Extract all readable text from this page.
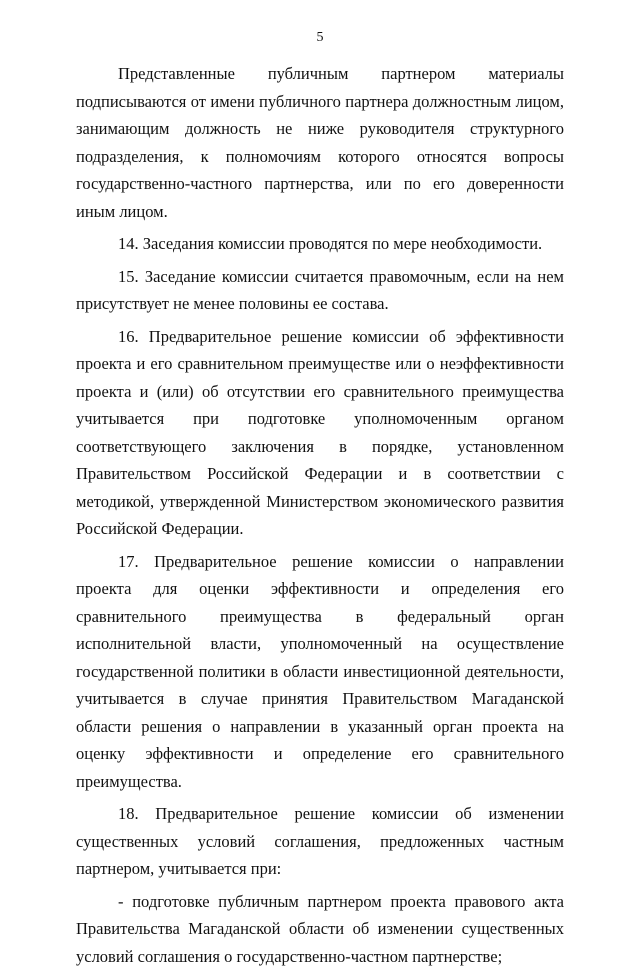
5

Представленные публичным партнером материалы подписываются от имени публичного партнера должностным лицом, занимающим должность не ниже руководителя структурного подразделения, к полномочиям которого относятся вопросы государственно-частного партнерства, или по его доверенности иным лицом.

14. Заседания комиссии проводятся по мере необходимости.

15. Заседание комиссии считается правомочным, если на нем присутствует не менее половины ее состава.

16. Предварительное решение комиссии об эффективности проекта и его сравнительном преимуществе или о неэффективности проекта и (или) об отсутствии его сравнительного преимущества учитывается при подготовке уполномоченным органом соответствующего заключения в порядке, установленном Правительством Российской Федерации и в соответствии с методикой, утвержденной Министерством экономического развития Российской Федерации.

17. Предварительное решение комиссии о направлении проекта для оценки эффективности и определения его сравнительного преимущества в федеральный орган исполнительной власти, уполномоченный на осуществление государственной политики в области инвестиционной деятельности, учитывается в случае принятия Правительством Магаданской области решения о направлении в указанный орган проекта на оценку эффективности и определение его сравнительного преимущества.

18. Предварительное решение комиссии об изменении существенных условий соглашения, предложенных частным партнером, учитывается при:

- подготовке публичным партнером проекта правового акта Правительства Магаданской области об изменении существенных условий соглашения о государственно-частном партнерстве;
